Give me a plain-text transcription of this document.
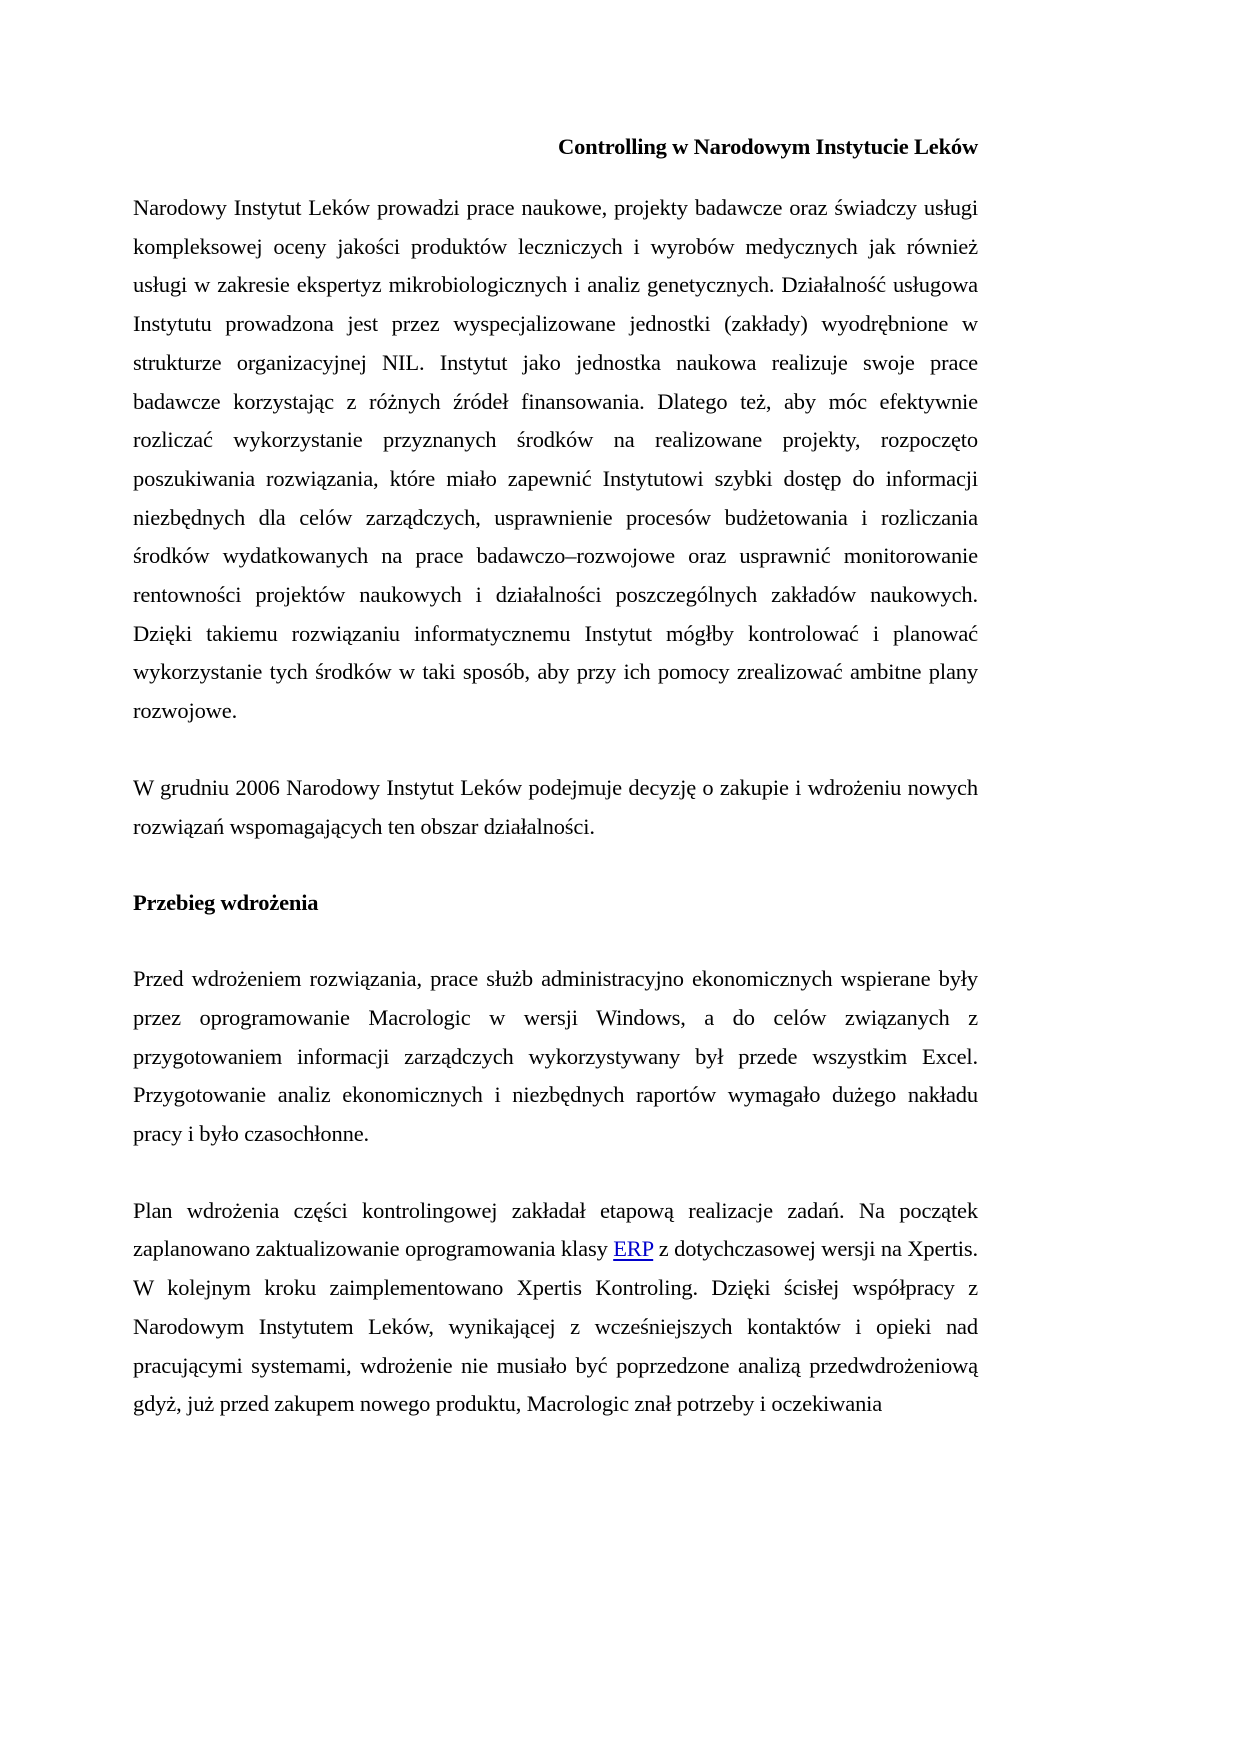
Controlling w Narodowym Instytucie Leków

Narodowy Instytut Leków prowadzi prace naukowe, projekty badawcze oraz świadczy usługi kompleksowej oceny jakości produktów leczniczych i wyrobów medycznych jak również usługi w zakresie ekspertyz mikrobiologicznych i analiz genetycznych. Działalność usługowa Instytutu prowadzona jest przez wyspecjalizowane jednostki (zakłady) wyodrębnione w strukturze organizacyjnej NIL. Instytut jako jednostka naukowa realizuje swoje prace badawcze korzystając z różnych źródeł finansowania. Dlatego też, aby móc efektywnie rozliczać wykorzystanie przyznanych środków na realizowane projekty, rozpoczęto poszukiwania rozwiązania, które miało zapewnić Instytutowi szybki dostęp do informacji niezbędnych dla celów zarządczych, usprawnienie procesów budżetowania i rozliczania środków wydatkowanych na prace badawczo–rozwojowe oraz usprawnić monitorowanie rentowności projektów naukowych i działalności poszczególnych zakładów naukowych. Dzięki takiemu rozwiązaniu informatycznemu Instytut mógłby kontrolować i planować wykorzystanie tych środków w taki sposób, aby przy ich pomocy zrealizować ambitne plany rozwojowe.

W grudniu 2006 Narodowy Instytut Leków podejmuje decyzję o zakupie i wdrożeniu nowych rozwiązań wspomagających ten obszar działalności.

Przebieg wdrożenia

Przed wdrożeniem rozwiązania, prace służb administracyjno ekonomicznych wspierane były przez oprogramowanie Macrologic w wersji Windows, a do celów związanych z przygotowaniem informacji zarządczych wykorzystywany był przede wszystkim Excel. Przygotowanie analiz ekonomicznych i niezbędnych raportów wymagało dużego nakładu pracy i było czasochłonne.

Plan wdrożenia części kontrolingowej zakładał etapową realizacje zadań. Na początek zaplanowano zaktualizowanie oprogramowania klasy ERP z dotychczasowej wersji na Xpertis. W kolejnym kroku zaimplementowano Xpertis Kontroling. Dzięki ścisłej współpracy z Narodowym Instytutem Leków, wynikającej z wcześniejszych kontaktów i opieki nad pracującymi systemami, wdrożenie nie musiało być poprzedzone analizą przedwdrożeniową gdyż, już przed zakupem nowego produktu, Macrologic znał potrzeby i oczekiwania
